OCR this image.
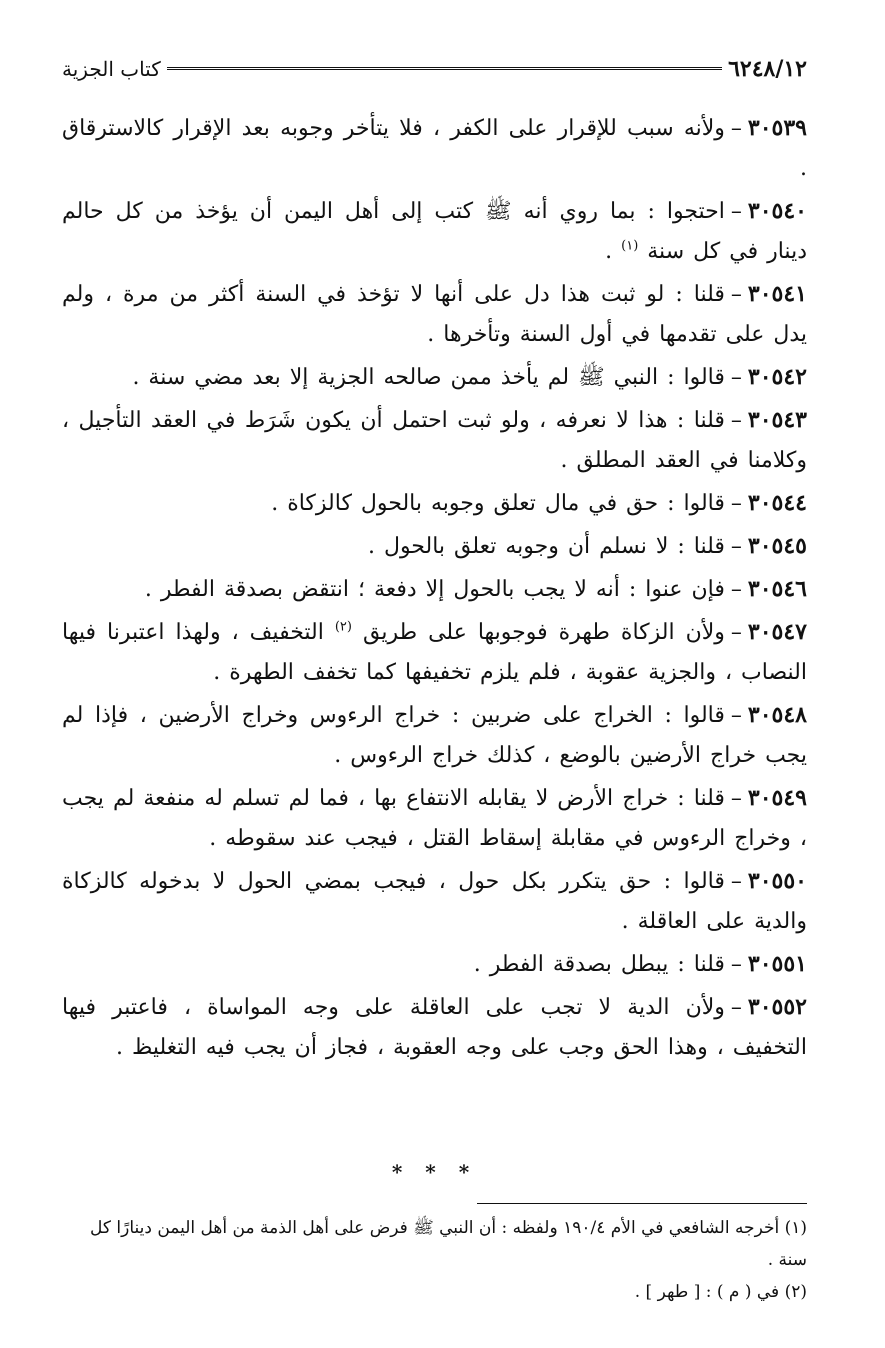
٦٢٤٨/١٢
كتاب الجزية

٣٠٥٣٩–ولأنه سبب للإقرار على الكفر ، فلا يتأخر وجوبه بعد الإقرار كالاسترقاق .

٣٠٥٤٠–احتجوا : بما روي أنه ﷺ كتب إلى أهل اليمن أن يؤخذ من كل حالم دينار في كل سنة $^{(١)}$ .

٣٠٥٤١–قلنا : لو ثبت هذا دل على أنها لا تؤخذ في السنة أكثر من مرة ، ولم يدل على تقدمها في أول السنة وتأخرها .

٣٠٥٤٢–قالوا : النبي ﷺ لم يأخذ ممن صالحه الجزية إلا بعد مضي سنة .

٣٠٥٤٣–قلنا : هذا لا نعرفه ، ولو ثبت احتمل أن يكون شَرَط في العقد التأجيل ، وكلامنا في العقد المطلق .

٣٠٥٤٤–قالوا : حق في مال تعلق وجوبه بالحول كالزكاة .

٣٠٥٤٥–قلنا : لا نسلم أن وجوبه تعلق بالحول .

٣٠٥٤٦–فإن عنوا : أنه لا يجب بالحول إلا دفعة ؛ انتقض بصدقة الفطر .

٣٠٥٤٧–ولأن الزكاة طهرة فوجوبها على طريق $^{(٢)}$ التخفيف ، ولهذا اعتبرنا فيها النصاب ، والجزية عقوبة ، فلم يلزم تخفيفها كما تخفف الطهرة .

٣٠٥٤٨–قالوا : الخراج على ضربين : خراج الرءوس وخراج الأرضين ، فإذا لم يجب خراج الأرضين بالوضع ، كذلك خراج الرءوس .

٣٠٥٤٩–قلنا : خراج الأرض لا يقابله الانتفاع بها ، فما لم تسلم له منفعة لم يجب ، وخراج الرءوس في مقابلة إسقاط القتل ، فيجب عند سقوطه .

٣٠٥٥٠–قالوا : حق يتكرر بكل حول ، فيجب بمضي الحول لا بدخوله كالزكاة والدية على العاقلة .

٣٠٥٥١–قلنا : يبطل بصدقة الفطر .

٣٠٥٥٢–ولأن الدية لا تجب على العاقلة على وجه المواساة ، فاعتبر فيها التخفيف ، وهذا الحق وجب على وجه العقوبة ، فجاز أن يجب فيه التغليظ .

* * *

(١) أخرجه الشافعي في الأم ١٩٠/٤ ولفظه : أن النبي ﷺ فرض على أهل الذمة من أهل اليمن دينارًا كل سنة .

(٢) في ( م ) : [ طهر ] .
